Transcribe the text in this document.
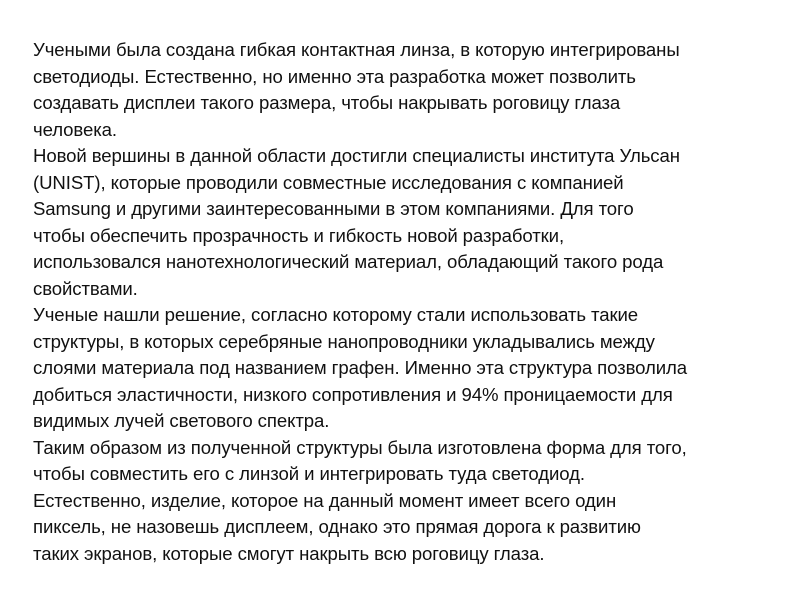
Учеными была создана гибкая контактная линза, в которую интегрированы
светодиоды. Естественно, но именно эта разработка может позволить
создавать дисплеи такого размера, чтобы накрывать роговицу глаза
человека.

Новой вершины в данной области достигли специалисты института Ульсан
(UNIST), которые проводили совместные исследования с компанией
Samsung и другими заинтересованными в этом компаниями. Для того
чтобы обеспечить прозрачность и гибкость новой разработки,
использовался нанотехнологический материал, обладающий такого рода
свойствами.

Ученые нашли решение, согласно которому стали использовать такие
структуры, в которых серебряные нанопроводники укладывались между
слоями материала под названием графен. Именно эта структура позволила
добиться эластичности, низкого сопротивления и 94% проницаемости для
видимых лучей светового спектра.

Таким образом из полученной структуры была изготовлена форма для того,
чтобы совместить его с линзой и интегрировать туда светодиод.
Естественно, изделие, которое на данный момент имеет всего один
пиксель, не назовешь дисплеем, однако это прямая дорога к развитию
таких экранов, которые смогут накрыть всю роговицу глаза.
